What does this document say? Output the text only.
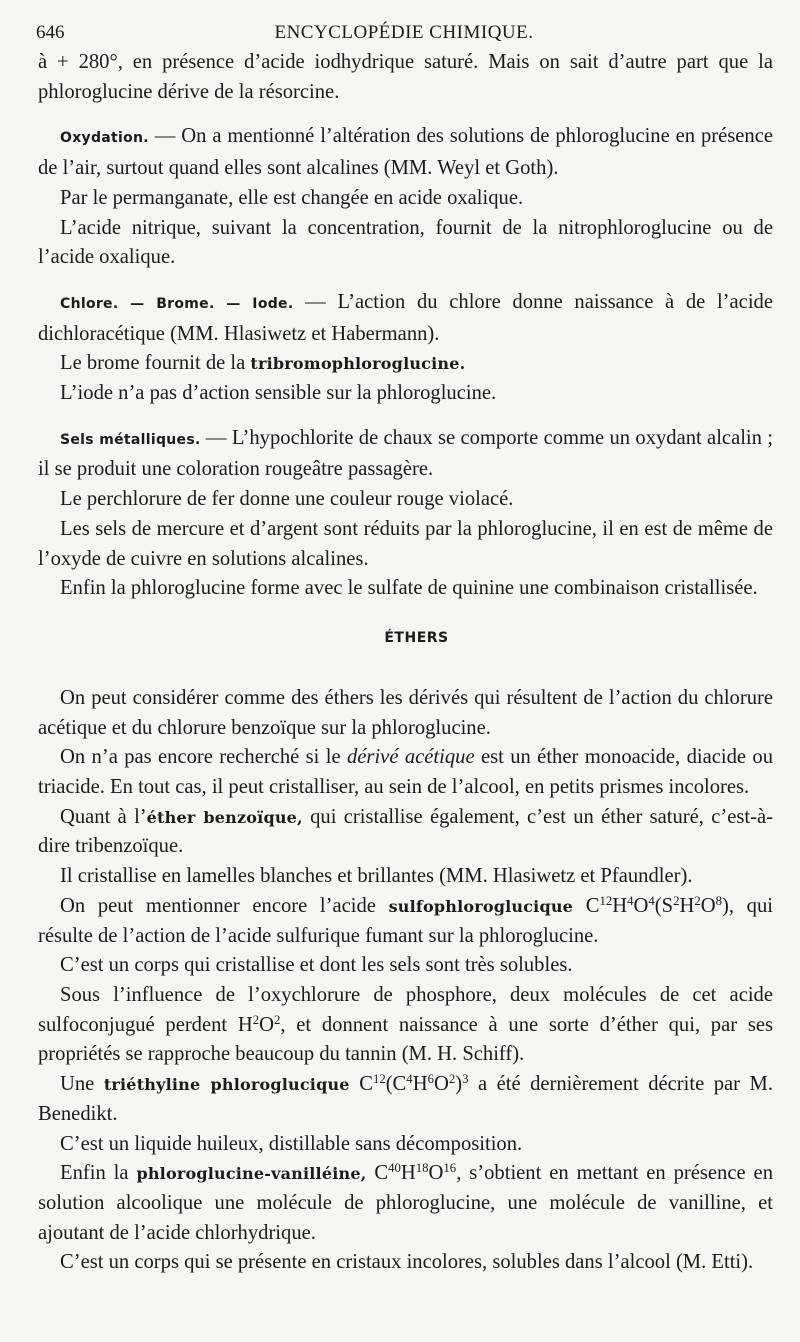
646	ENCYCLOPÉDIE CHIMIQUE.

à + 280°, en présence d’acide iodhydrique saturé. Mais on sait d’autre part que la phloroglucine dérive de la résorcine.

Oxydation. — On a mentionné l’altération des solutions de phloroglucine en présence de l’air, surtout quand elles sont alcalines (MM. Weyl et Goth).

Par le permanganate, elle est changée en acide oxalique.

L’acide nitrique, suivant la concentration, fournit de la nitrophloroglucine ou de l’acide oxalique.

Chlore. — Brome. — Iode. — L’action du chlore donne naissance à de l’acide dichloracétique (MM. Hlasiwetz et Habermann).

Le brome fournit de la tribromophloroglucine.

L’iode n’a pas d’action sensible sur la phloroglucine.

Sels métalliques. — L’hypochlorite de chaux se comporte comme un oxydant alcalin ; il se produit une coloration rougeâtre passagère.

Le perchlorure de fer donne une couleur rouge violacé.

Les sels de mercure et d’argent sont réduits par la phloroglucine, il en est de même de l’oxyde de cuivre en solutions alcalines.

Enfin la phloroglucine forme avec le sulfate de quinine une combinaison cristallisée.

ÉTHERS

On peut considérer comme des éthers les dérivés qui résultent de l’action du chlorure acétique et du chlorure benzoïque sur la phloroglucine.

On n’a pas encore recherché si le dérivé acétique est un éther monoacide, diacide ou triacide. En tout cas, il peut cristalliser, au sein de l’alcool, en petits prismes incolores.

Quant à l’éther benzoïque, qui cristallise également, c’est un éther saturé, c’est-à-dire tribenzoïque.

Il cristallise en lamelles blanches et brillantes (MM. Hlasiwetz et Pfaundler).

On peut mentionner encore l’acide sulfophloroglucique $C^{12}H^4O^4(S^2H^2O^8)$, qui résulte de l’action de l’acide sulfurique fumant sur la phloroglucine.

C’est un corps qui cristallise et dont les sels sont très solubles.

Sous l’influence de l’oxychlorure de phosphore, deux molécules de cet acide sulfoconjugué perdent $H^2O^2$, et donnent naissance à une sorte d’éther qui, par ses propriétés se rapproche beaucoup du tannin (M. H. Schiff).

Une triéthyline phloroglucique $C^{12}(C^4H^6O^2)^3$ a été dernièrement décrite par M. Benedikt.

C’est un liquide huileux, distillable sans décomposition.

Enfin la phloroglucine-vanilléine, $C^{40}H^{18}O^{16}$, s’obtient en mettant en présence en solution alcoolique une molécule de phloroglucine, une molécule de vanilline, et ajoutant de l’acide chlorhydrique.

C’est un corps qui se présente en cristaux incolores, solubles dans l’alcool (M. Etti).
